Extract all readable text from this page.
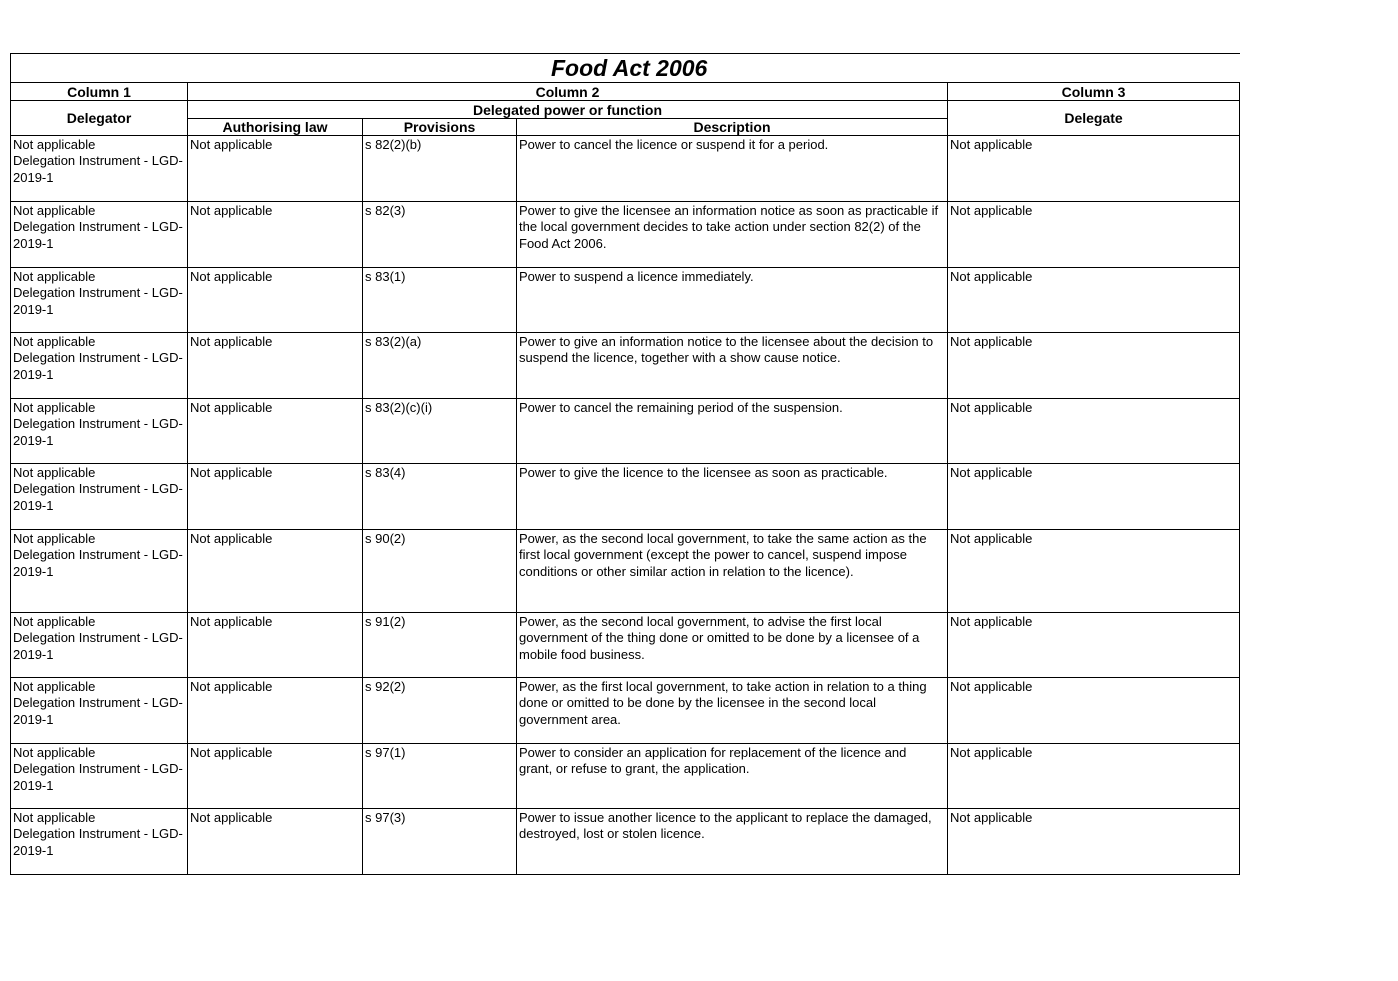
Food Act 2006				
Column 1	Column 2			Column 3
Delegator	Delegated power or function			Delegate
	Authorising law	Provisions	Description	
Not applicable
Delegation Instrument - LGD-
2019-1	Not applicable	s 82(2)(b)	Power to cancel the licence or suspend it for a period.	Not applicable
Not applicable
Delegation Instrument - LGD-
2019-1	Not applicable	s 82(3)	Power to give the licensee an information notice as soon as practicable if
the local government decides to take action under section 82(2) of the
Food Act 2006.	Not applicable
Not applicable
Delegation Instrument - LGD-
2019-1	Not applicable	s 83(1)	Power to suspend a licence immediately.	Not applicable
Not applicable
Delegation Instrument - LGD-
2019-1	Not applicable	s 83(2)(a)	Power to give an information notice to the licensee about the decision to
suspend the licence, together with a show cause notice.	Not applicable
Not applicable
Delegation Instrument - LGD-
2019-1	Not applicable	s 83(2)(c)(i)	Power to cancel the remaining period of the suspension.	Not applicable
Not applicable
Delegation Instrument - LGD-
2019-1	Not applicable	s 83(4)	Power to give the licence to the licensee as soon as practicable.	Not applicable
Not applicable
Delegation Instrument - LGD-
2019-1	Not applicable	s 90(2)	Power, as the second local government, to take the same action as the
first local government (except the power to cancel, suspend impose
conditions or other similar action in relation to the licence).	Not applicable
Not applicable
Delegation Instrument - LGD-
2019-1	Not applicable	s 91(2)	Power, as the second local government, to advise the first local
government of the thing done or omitted to be done by a licensee of a
mobile food business.	Not applicable
Not applicable
Delegation Instrument - LGD-
2019-1	Not applicable	s 92(2)	Power, as the first local government, to take action in relation to a thing
done or omitted to be done by the licensee in the second local
government area.	Not applicable
Not applicable
Delegation Instrument - LGD-
2019-1	Not applicable	s 97(1)	Power to consider an application for replacement of the licence and
grant, or refuse to grant, the application.	Not applicable
Not applicable
Delegation Instrument - LGD-
2019-1	Not applicable	s 97(3)	Power to issue another licence to the applicant to replace the damaged,
destroyed, lost or stolen licence.	Not applicable
